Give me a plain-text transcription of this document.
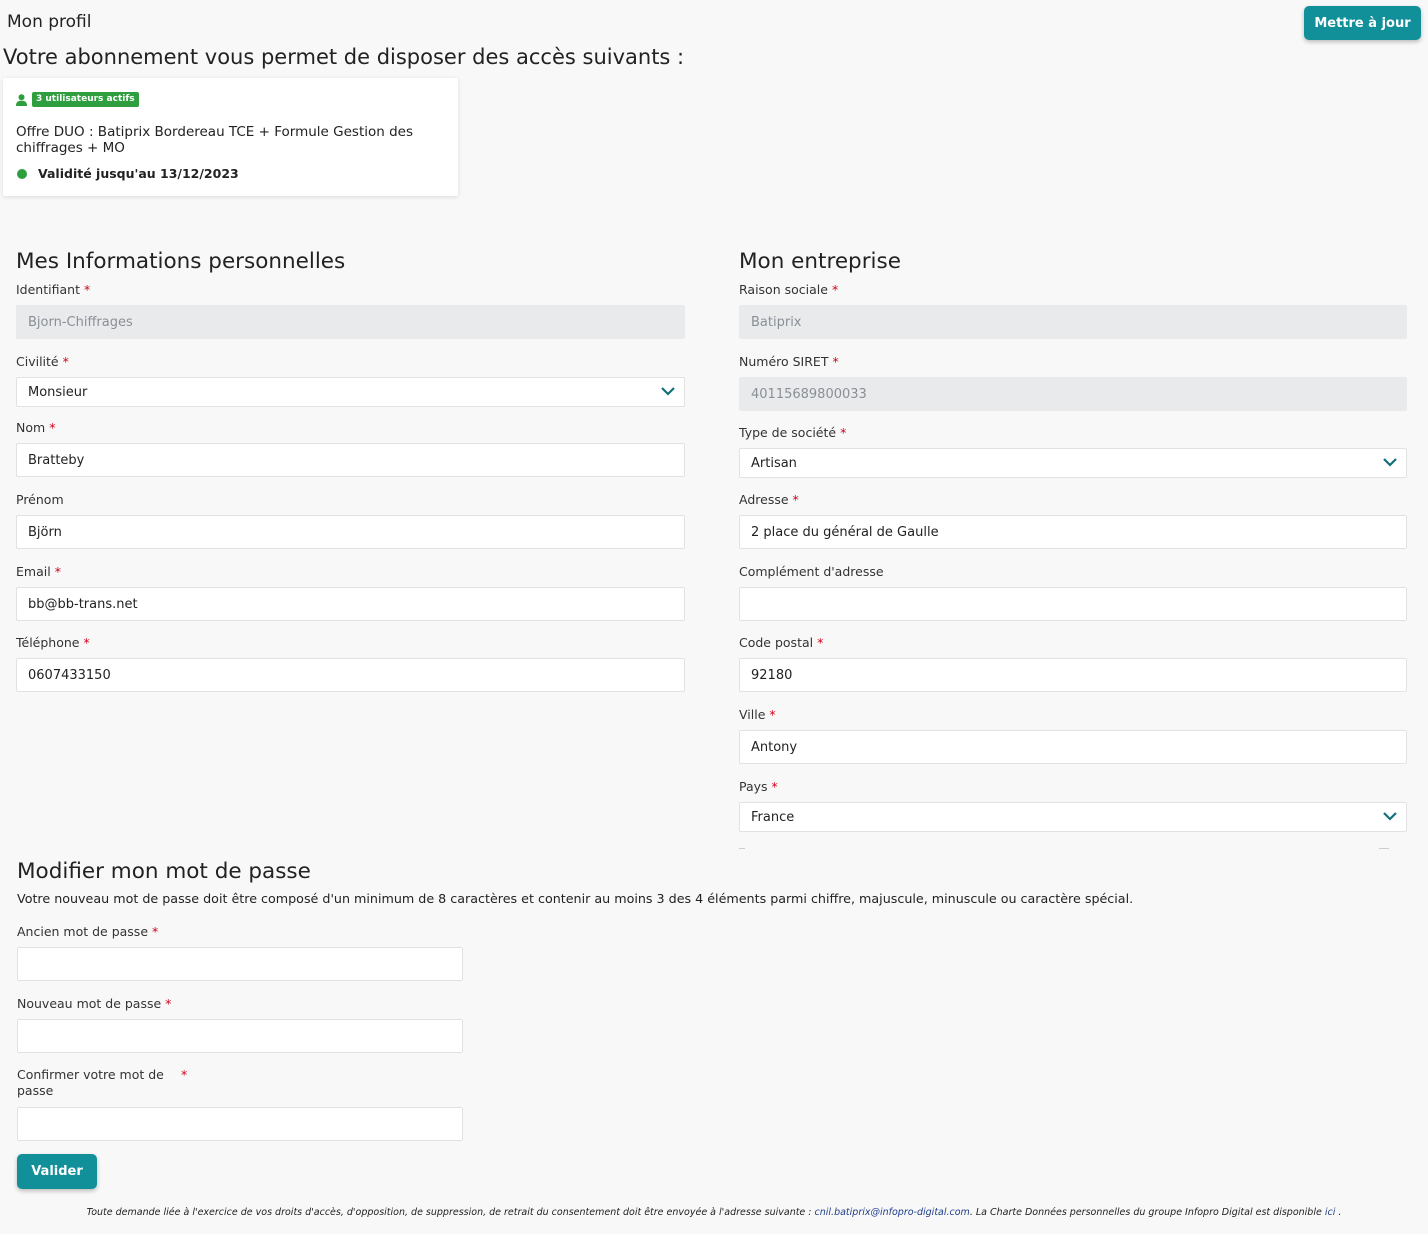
Mon profil	Mettre à jour
Votre abonnement vous permet de disposer des accès suivants :
3 utilisateurs actifs
Offre DUO : Batiprix Bordereau TCE + Formule Gestion des chiffrages + MO
Validité jusqu'au 13/12/2023
Mes Informations personnelles
Identifiant *
Bjorn-Chiffrages
Civilité *
Monsieur
Nom *
Bratteby
Prénom
Björn
Email *
bb@bb-trans.net
Téléphone *
0607433150
Mon entreprise
Raison sociale *
Batiprix
Numéro SIRET *
40115689800033
Type de société *
Artisan
Adresse *
2 place du général de Gaulle
Complément d'adresse
Code postal *
92180
Ville *
Antony
Pays *
France
Modifier mon mot de passe
Votre nouveau mot de passe doit être composé d'un minimum de 8 caractères et contenir au moins 3 des 4 éléments parmi chiffre, majuscule, minuscule ou caractère spécial.
Ancien mot de passe *
Nouveau mot de passe *
Confirmer votre mot de passe
*
Valider
Toute demande liée à l'exercice de vos droits d'accès, d'opposition, de suppression, de retrait du consentement doit être envoyée à l'adresse suivante : cnil.batiprix@infopro-digital.com. La Charte Données personnelles du groupe Infopro Digital est disponible ici .
